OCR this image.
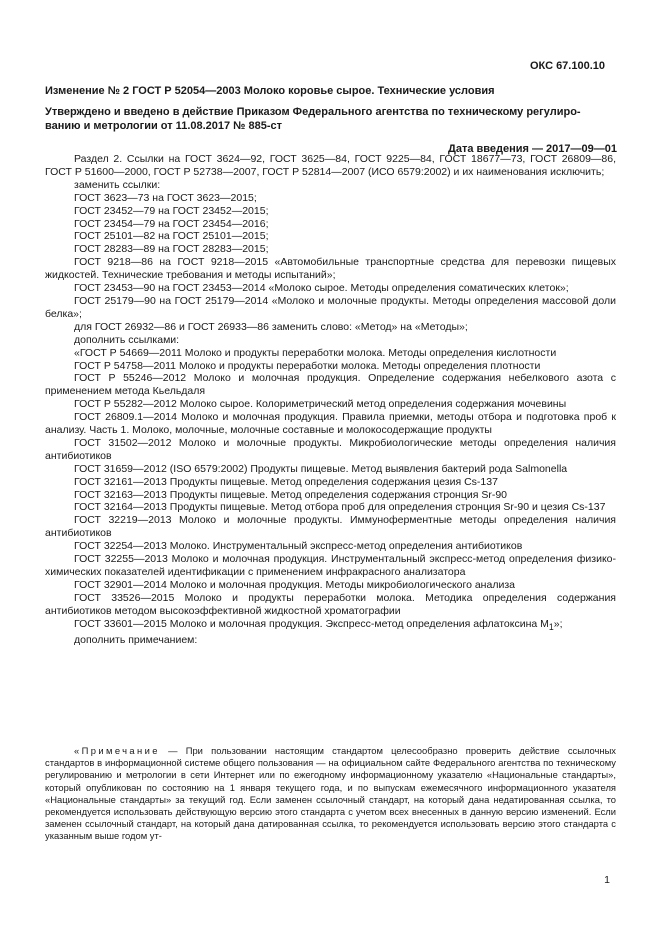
ОКС 67.100.10

Изменение № 2 ГОСТ Р 52054—2003 Молоко коровье сырое. Технические условия

Утверждено и введено в действие Приказом Федерального агентства по техническому регулиро-

ванию и метрологии от 11.08.2017 № 885-ст

Дата введения — 2017—09—01

Раздел 2. Ссылки на ГОСТ 3624—92, ГОСТ 3625—84, ГОСТ 9225—84, ГОСТ 18677—73, ГОСТ 26809—86, ГОСТ Р 51600—2000, ГОСТ Р 52738—2007, ГОСТ Р 52814—2007 (ИСО 6579:2002) и их наименования исключить;

заменить ссылки:

ГОСТ 3623—73 на ГОСТ 3623—2015;

ГОСТ 23452—79 на ГОСТ 23452—2015;

ГОСТ 23454—79 на ГОСТ 23454—2016;

ГОСТ 25101—82 на ГОСТ 25101—2015;

ГОСТ 28283—89 на ГОСТ 28283—2015;

ГОСТ 9218—86 на ГОСТ 9218—2015 «Автомобильные транспортные средства для перевозки пищевых жидкостей. Технические требования и методы испытаний»;

ГОСТ 23453—90 на ГОСТ 23453—2014 «Молоко сырое. Методы определения соматических клеток»;

ГОСТ 25179—90 на ГОСТ 25179—2014 «Молоко и молочные продукты. Методы определения массовой доли белка»;

для ГОСТ 26932—86 и ГОСТ 26933—86 заменить слово: «Метод» на «Методы»;

дополнить ссылками:

«ГОСТ Р 54669—2011 Молоко и продукты переработки молока. Методы определения кислотности

ГОСТ Р 54758—2011 Молоко и продукты переработки молока. Методы определения плотности

ГОСТ Р 55246—2012 Молоко и молочная продукция. Определение содержания небелкового азота с применением метода Кьельдаля

ГОСТ Р 55282—2012 Молоко сырое. Колориметрический метод определения содержания мочевины

ГОСТ 26809.1—2014 Молоко и молочная продукция. Правила приемки, методы отбора и подготовка проб к анализу. Часть 1. Молоко, молочные, молочные составные и молокосодержащие продукты

ГОСТ 31502—2012 Молоко и молочные продукты. Микробиологические методы определения наличия антибиотиков

ГОСТ 31659—2012 (ISO 6579:2002) Продукты пищевые. Метод выявления бактерий рода Salmonella

ГОСТ 32161—2013 Продукты пищевые. Метод определения содержания цезия Cs-137

ГОСТ 32163—2013 Продукты пищевые. Метод определения содержания стронция Sr-90

ГОСТ 32164—2013 Продукты пищевые. Метод отбора проб для определения стронция Sr-90 и цезия Cs-137

ГОСТ 32219—2013 Молоко и молочные продукты. Иммуноферментные методы определения наличия антибиотиков

ГОСТ 32254—2013 Молоко. Инструментальный экспресс-метод определения антибиотиков

ГОСТ 32255—2013 Молоко и молочная продукция. Инструментальный экспресс-метод определения физико-химических показателей идентификации с применением инфракрасного анализатора

ГОСТ 32901—2014 Молоко и молочная продукция. Методы микробиологического анализа

ГОСТ 33526—2015 Молоко и продукты переработки молока. Методика определения содержания антибиотиков методом высокоэффективной жидкостной хроматографии

ГОСТ 33601—2015 Молоко и молочная продукция. Экспресс-метод определения афлатоксина $M_1$»;

дополнить примечанием:

«Примечание — При пользовании настоящим стандартом целесообразно проверить действие ссылочных стандартов в информационной системе общего пользования — на официальном сайте Федерального агентства по техническому регулированию и метрологии в сети Интернет или по ежегодному информационному указателю «Национальные стандарты», который опубликован по состоянию на 1 января текущего года, и по выпускам ежемесячного информационного указателя «Национальные стандарты» за текущий год. Если заменен ссылочный стандарт, на который дана недатированная ссылка, то рекомендуется использовать действующую версию этого стандарта с учетом всех внесенных в данную версию изменений. Если заменен ссылочный стандарт, на который дана датированная ссылка, то рекомендуется использовать версию этого стандарта с указанным выше годом ут-

1
